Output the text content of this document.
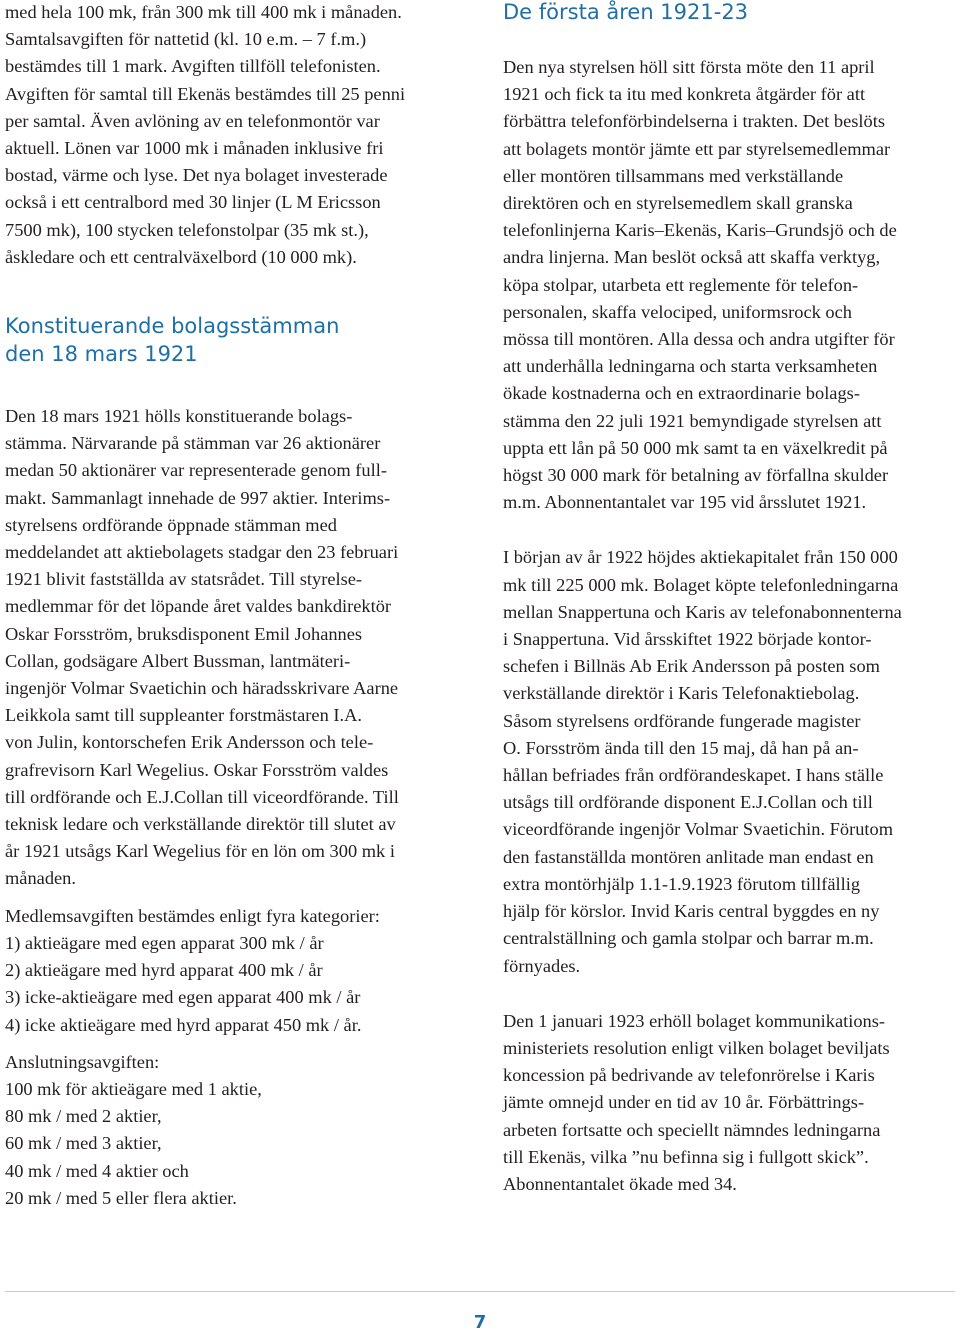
med hela 100 mk, från 300 mk till 400 mk i månaden.

Samtalsavgiften för nattetid (kl. 10 e.m. – 7 f.m.)

bestämdes till 1 mark. Avgiften tillföll telefonisten.

Avgiften för samtal till Ekenäs bestämdes till 25 penni

per samtal. Även avlöning av en telefonmontör var

aktuell. Lönen var 1000 mk i månaden inklusive fri

bostad, värme och lyse. Det nya bolaget investerade

också i ett centralbord med 30 linjer (L M Ericsson

7500 mk), 100 stycken telefonstolpar (35 mk st.),

åskledare och ett centralväxelbord (10 000 mk).

Konstituerande bolagsstämman
den 18 mars 1921

Den 18 mars 1921 hölls konstituerande bolags-

stämma. Närvarande på stämman var 26 aktionärer

medan 50 aktionärer var representerade genom full-

makt. Sammanlagt innehade de 997 aktier. Interims-

styrelsens ordförande öppnade stämman med

meddelandet att aktiebolagets stadgar den 23 februari

1921 blivit fastställda av statsrådet. Till styrelse-

medlemmar för det löpande året valdes bankdirektör

Oskar Forsström, bruksdisponent Emil Johannes

Collan, godsägare Albert Bussman, lantmäteri-

ingenjör Volmar Svaetichin och häradsskrivare Aarne

Leikkola samt till suppleanter forstmästaren I.A.

von Julin, kontorschefen Erik Andersson och tele-

grafrevisorn Karl Wegelius. Oskar Forsström valdes

till ordförande och E.J.Collan till viceordförande. Till

teknisk ledare och verkställande direktör till slutet av

år 1921 utsågs Karl Wegelius för en lön om 300 mk i

månaden.

Medlemsavgiften bestämdes enligt fyra kategorier:

1) aktieägare med egen apparat 300 mk / år

2) aktieägare med hyrd apparat 400 mk / år

3) icke-aktieägare med egen apparat 400 mk / år

4) icke aktieägare med hyrd apparat 450 mk / år.

Anslutningsavgiften:

100 mk för aktieägare med 1 aktie,

80 mk / med 2 aktier,

60 mk / med 3 aktier,

40 mk / med 4 aktier och

20 mk / med 5 eller flera aktier.

De första åren 1921-23

Den nya styrelsen höll sitt första möte den 11 april

1921 och fick ta itu med konkreta åtgärder för att

förbättra telefonförbindelserna i trakten. Det beslöts

att bolagets montör jämte ett par styrelsemedlemmar

eller montören tillsammans med verkställande

direktören och en styrelsemedlem skall granska

telefonlinjerna Karis–Ekenäs, Karis–Grundsjö och de

andra linjerna. Man beslöt också att skaffa verktyg,

köpa stolpar, utarbeta ett reglemente för telefon-

personalen, skaffa velociped, uniformsrock och

mössa till montören. Alla dessa och andra utgifter för

att underhålla ledningarna och starta verksamheten

ökade kostnaderna och en extraordinarie bolags-

stämma den 22 juli 1921 bemyndigade styrelsen att

uppta ett lån på 50 000 mk samt ta en växelkredit på

högst 30 000 mark för betalning av förfallna skulder

m.m. Abonnentantalet var 195 vid årsslutet 1921.

I början av år 1922 höjdes aktiekapitalet från 150 000

mk till 225 000 mk. Bolaget köpte telefonledningarna

mellan Snappertuna och Karis av telefonabonnenterna

i Snappertuna. Vid årsskiftet 1922 började kontor-

schefen i Billnäs Ab Erik Andersson på posten som

verkställande direktör i Karis Telefonaktiebolag.

Såsom styrelsens ordförande fungerade magister

O. Forsström ända till den 15 maj, då han på an-

hållan befriades från ordförandeskapet. I hans ställe

utsågs till ordförande disponent E.J.Collan och till

viceordförande ingenjör Volmar Svaetichin. Förutom

den fastanställda montören anlitade man endast en

extra montörhjälp 1.1-1.9.1923 förutom tillfällig

hjälp för körslor. Invid Karis central byggdes en ny

centralställning och gamla stolpar och barrar m.m.

förnyades.

Den 1 januari 1923 erhöll bolaget kommunikations-

ministeriets resolution enligt vilken bolaget beviljats

koncession på bedrivande av telefonrörelse i Karis

jämte omnejd under en tid av 10 år. Förbättrings-

arbeten fortsatte och speciellt nämndes ledningarna

till Ekenäs, vilka ”nu befinna sig i fullgott skick”.

Abonnentantalet ökade med 34.

7
